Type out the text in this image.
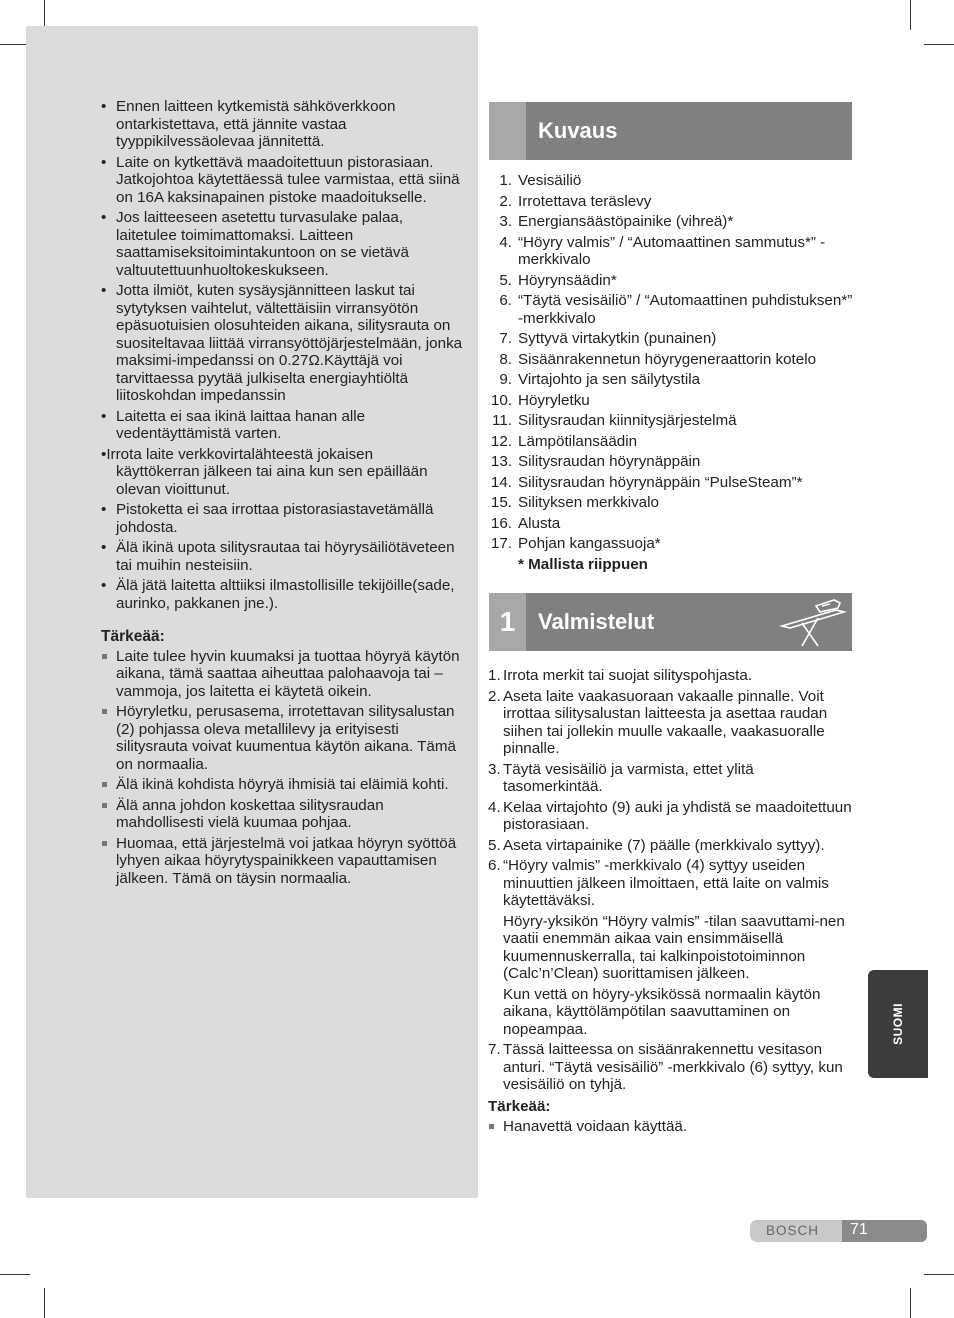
• Ennen laitteen kytkemistä sähköverkkoon ontarkistettava, että jännite vastaa tyyppikilvessäolevaa jännitettä.
• Laite on kytkettävä maadoitettuun pistorasiaan. Jatkojohtoa käytettäessä tulee varmistaa, että siinä on 16A kaksinapainen pistoke maadoitukselle.
• Jos laitteeseen asetettu turvasulake palaa, laitetulee toimimattomaksi. Laitteen saattamiseksitoimintakuntoon on se vietävä valtuutettuunhuoltokeskukseen.
• Jotta ilmiöt, kuten sysäysjännitteen laskut tai sytytyksen vaihtelut, vältettäisiin virransyötön epäsuotuisien olosuhteiden aikana, silitysrauta on suositeltavaa liittää virransyöttöjärjestelmään, jonka maksimi-impedanssi on 0.27Ω.Käyttäjä voi tarvittaessa pyytää julkiselta energiayhtiöltä liitoskohdan impedanssin
• Laitetta ei saa ikinä laittaa hanan alle vedentäyttämistä varten.
•Irrota laite verkkovirtalähteestä jokaisen
käyttökerran jälkeen tai aina kun sen epäillään olevan vioittunut.
• Pistoketta ei saa irrottaa pistorasiastavetämällä johdosta.
• Älä ikinä upota silitysrautaa tai höyrysäiliötäveteen tai muihin nesteisiin.
• Älä jätä laitetta alttiiksi ilmastollisille tekijöille(sade, aurinko, pakkanen jne.).
Tärkeää:
Laite tulee hyvin kuumaksi ja tuottaa höyryä käytön aikana, tämä saattaa aiheuttaa palohaavoja tai –vammoja, jos laitetta ei käytetä oikein.
Höyryletku, perusasema, irrotettavan silitysalustan (2) pohjassa oleva metallilevy ja erityisesti silitysrauta voivat kuumentua käytön aikana. Tämä on normaalia.
Älä ikinä kohdista höyryä ihmisiä tai eläimiä kohti.
Älä anna johdon koskettaa silitysraudan mahdollisesti vielä kuumaa pohjaa.
Huomaa, että järjestelmä voi jatkaa höyryn syöttöä lyhyen aikaa höyrytyspainikkeen vapauttamisen jälkeen. Tämä on täysin normaalia.
Kuvaus
1. Vesisäiliö
2. Irrotettava teräslevy
3. Energiansäästöpainike (vihreä)*
4. “Höyry valmis” / “Automaattinen sammutus*” -merkkivalo
5. Höyrynsäädin*
6. “Täytä vesisäiliö” / “Automaattinen puhdistuksen*” -merkkivalo
7. Syttyvä virtakytkin (punainen)
8. Sisäänrakennetun höyrygeneraattorin kotelo
9. Virtajohto ja sen säilytystila
10. Höyryletku
11. Silitysraudan kiinnitysjärjestelmä
12. Lämpötilansäädin
13. Silitysraudan höyrynäppäin
14. Silitysraudan höyrynäppäin “PulseSteam”*
15. Silityksen merkkivalo
16. Alusta
17. Pohjan kangassuoja*
* Mallista riippuen
1	Valmistelut
1. Irrota merkit tai suojat silityspohjasta.
2. Aseta laite vaakasuoraan vakaalle pinnalle. Voit irrottaa silitysalustan laitteesta ja asettaa raudan siihen tai jollekin muulle vakaalle, vaakasuoralle pinnalle.
3. Täytä vesisäiliö ja varmista, ettet ylitä tasomerkintää.
4. Kelaa virtajohto (9) auki ja yhdistä se maadoitettuun pistorasiaan.
5. Aseta virtapainike (7) päälle (merkkivalo syttyy).
6. “Höyry valmis” -merkkivalo (4) syttyy useiden minuuttien jälkeen ilmoittaen, että laite on valmis käytettäväksi.

Höyry-yksikön “Höyry valmis” -tilan saavuttami-nen vaatii enemmän aikaa vain ensimmäisellä kuumennuskerralla, tai kalkinpoistotoiminnon (Calc’n’Clean) suorittamisen jälkeen.

Kun vettä on höyry-yksikössä normaalin käytön aikana, käyttölämpötilan saavuttaminen on nopeampaa.

7. Tässä laitteessa on sisäänrakennettu vesitason anturi. “Täytä vesisäiliö” -merkkivalo (6) syttyy, kun vesisäiliö on tyhjä.
Tärkeää:
Hanavettä voidaan käyttää.
SUOMI
BOSCH 71
